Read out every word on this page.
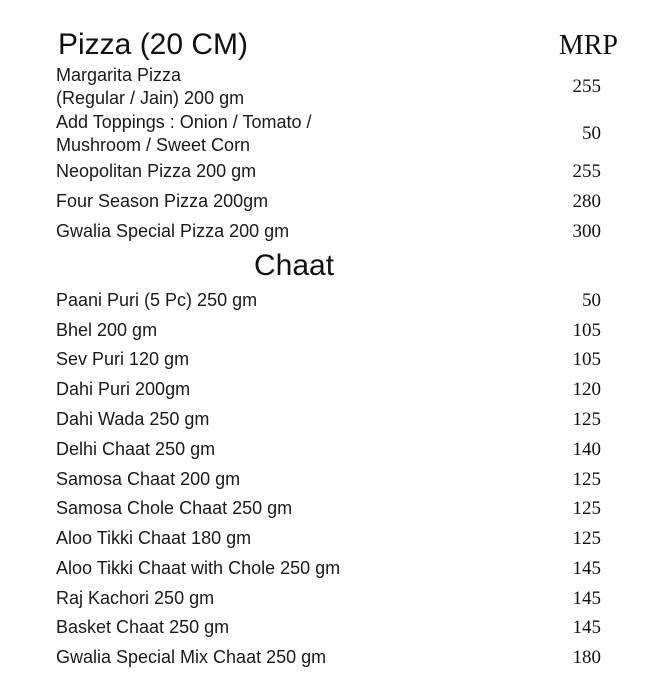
Pizza (20 CM)	MRP
Margarita Pizza
(Regular / Jain) 200 gm
255
Add Toppings : Onion / Tomato /
Mushroom / Sweet Corn
50
Neopolitan Pizza 200 gm	255
Four Season Pizza 200gm	280
Gwalia Special Pizza 200 gm	300
Chaat
Paani Puri (5 Pc) 250 gm	50
Bhel 200 gm	105
Sev Puri 120 gm	105
Dahi Puri 200gm	120
Dahi Wada 250 gm	125
Delhi Chaat 250 gm	140
Samosa Chaat 200 gm	125
Samosa Chole Chaat 250 gm	125
Aloo Tikki Chaat 180 gm	125
Aloo Tikki Chaat with Chole 250 gm	145
Raj Kachori 250 gm	145
Basket Chaat 250 gm	145
Gwalia Special Mix Chaat 250 gm	180
